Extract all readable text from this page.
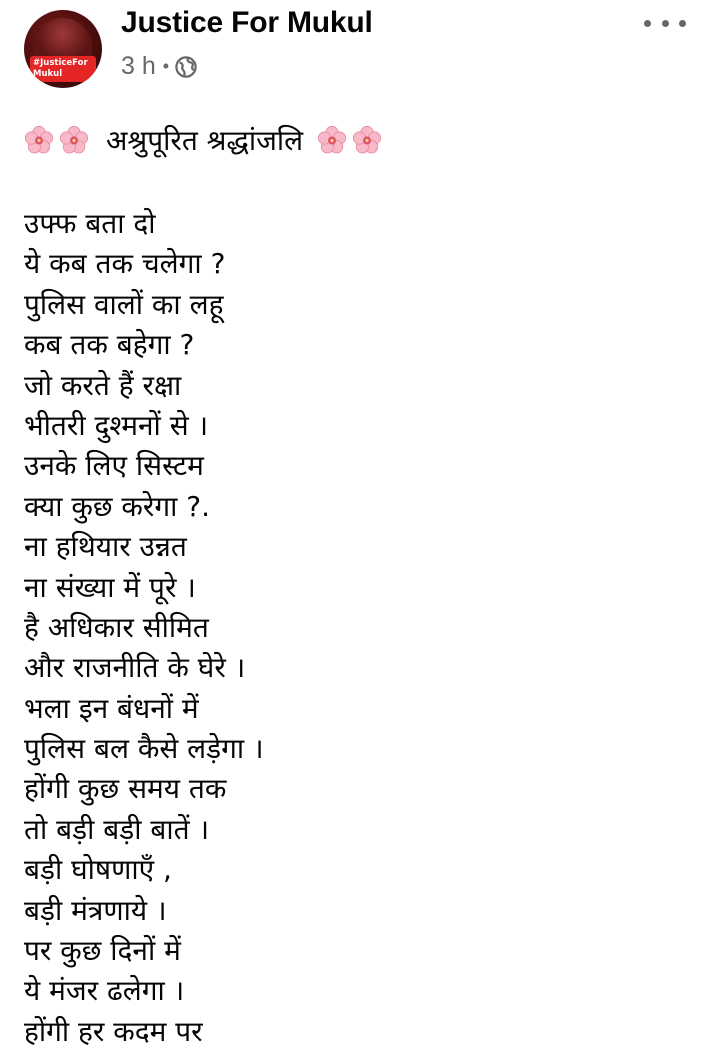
#JusticeFor
Mukul
Justice For Mukul
3 h •
अश्रुपूरित श्रद्धांजलि
उफ्फ बता दो
ये कब तक चलेगा ?
पुलिस वालों का लहू
कब तक बहेगा ?
जो करते हैं रक्षा
भीतरी दुश्मनों से ।
उनके लिए सिस्टम
क्या कुछ करेगा ?.
ना हथियार उन्नत
ना संख्या में पूरे ।
है अधिकार सीमित
और राजनीति के घेरे ।
भला इन बंधनों में
पुलिस बल कैसे लड़ेगा ।
होंगी कुछ समय तक
तो बड़ी बड़ी बातें ।
बड़ी घोषणाएँ ,
बड़ी मंत्रणाये ।
पर कुछ दिनों में
ये मंजर ढलेगा ।
होंगी हर कदम पर
